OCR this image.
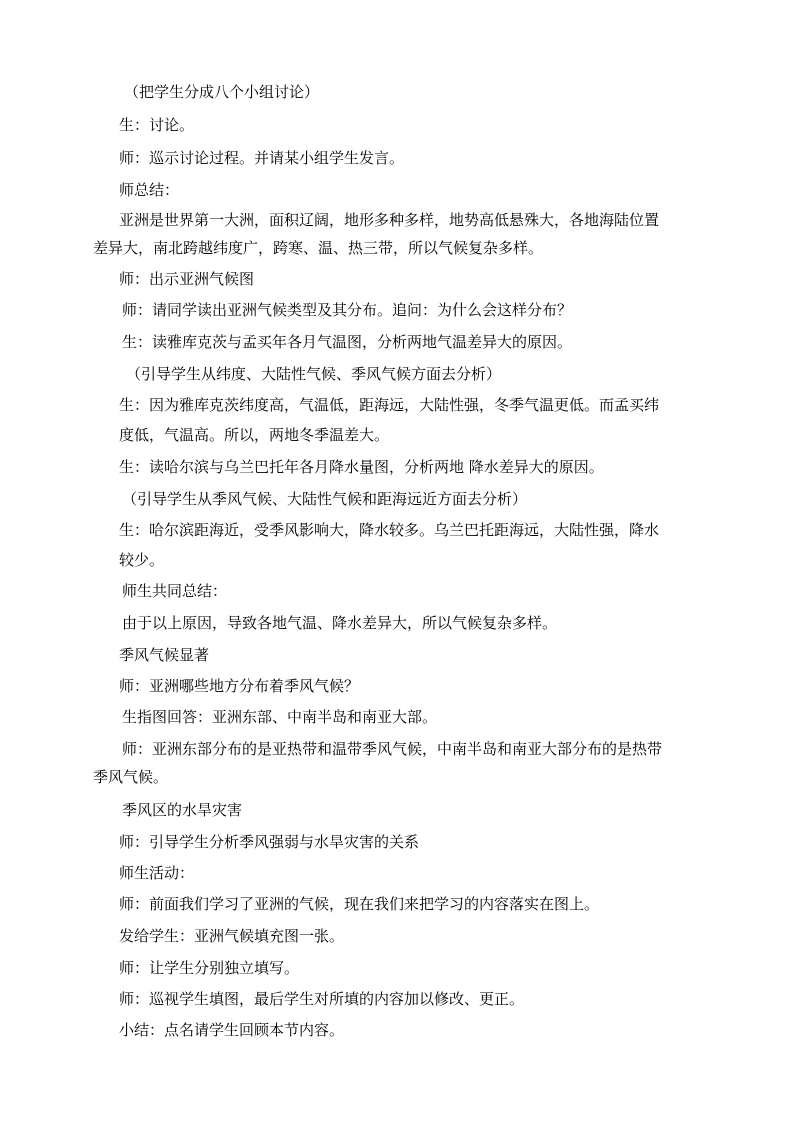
（把学生分成八个小组讨论）
生：讨论。
师：巡示讨论过程。并请某小组学生发言。
师总结：
亚洲是世界第一大洲，面积辽阔，地形多种多样，地势高低悬殊大，各地海陆位置
差异大，南北跨越纬度广，跨寒、温、热三带，所以气候复杂多样。
师：出示亚洲气候图
师：请同学读出亚洲气候类型及其分布。追问：为什么会这样分布？
生：读雅库克茨与孟买年各月气温图，分析两地气温差异大的原因。
（引导学生从纬度、大陆性气候、季风气候方面去分析）
生：因为雅库克茨纬度高，气温低，距海远，大陆性强，冬季气温更低。而孟买纬
度低，气温高。所以，两地冬季温差大。
生：读哈尔滨与乌兰巴托年各月降水量图，分析两地 降水差异大的原因。
（引导学生从季风气候、大陆性气候和距海远近方面去分析）
生：哈尔滨距海近，受季风影响大，降水较多。乌兰巴托距海远，大陆性强，降水
较少。
师生共同总结：
由于以上原因，导致各地气温、降水差异大，所以气候复杂多样。
季风气候显著
师：亚洲哪些地方分布着季风气候？
生指图回答：亚洲东部、中南半岛和南亚大部。
师：亚洲东部分布的是亚热带和温带季风气候，中南半岛和南亚大部分布的是热带
季风气候。
季风区的水旱灾害
师：引导学生分析季风强弱与水旱灾害的关系
师生活动：
师：前面我们学习了亚洲的气候，现在我们来把学习的内容落实在图上。
发给学生：亚洲气候填充图一张。
师：让学生分别独立填写。
师：巡视学生填图，最后学生对所填的内容加以修改、更正。
小结：点名请学生回顾本节内容。
